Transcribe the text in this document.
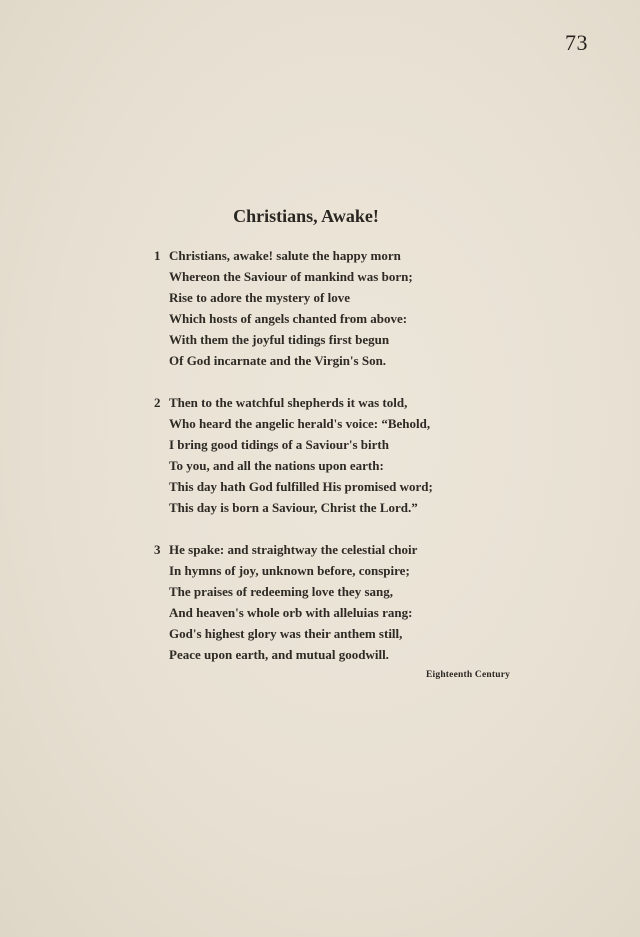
73
Christians, Awake!
1 Christians, awake! salute the happy morn
Whereon the Saviour of mankind was born;
Rise to adore the mystery of love
Which hosts of angels chanted from above:
With them the joyful tidings first begun
Of God incarnate and the Virgin's Son.
2 Then to the watchful shepherds it was told,
Who heard the angelic herald's voice: “Behold,
I bring good tidings of a Saviour's birth
To you, and all the nations upon earth:
This day hath God fulfilled His promised word;
This day is born a Saviour, Christ the Lord.”
3 He spake: and straightway the celestial choir
In hymns of joy, unknown before, conspire;
The praises of redeeming love they sang,
And heaven's whole orb with alleluias rang:
God's highest glory was their anthem still,
Peace upon earth, and mutual goodwill.
Eighteenth Century
